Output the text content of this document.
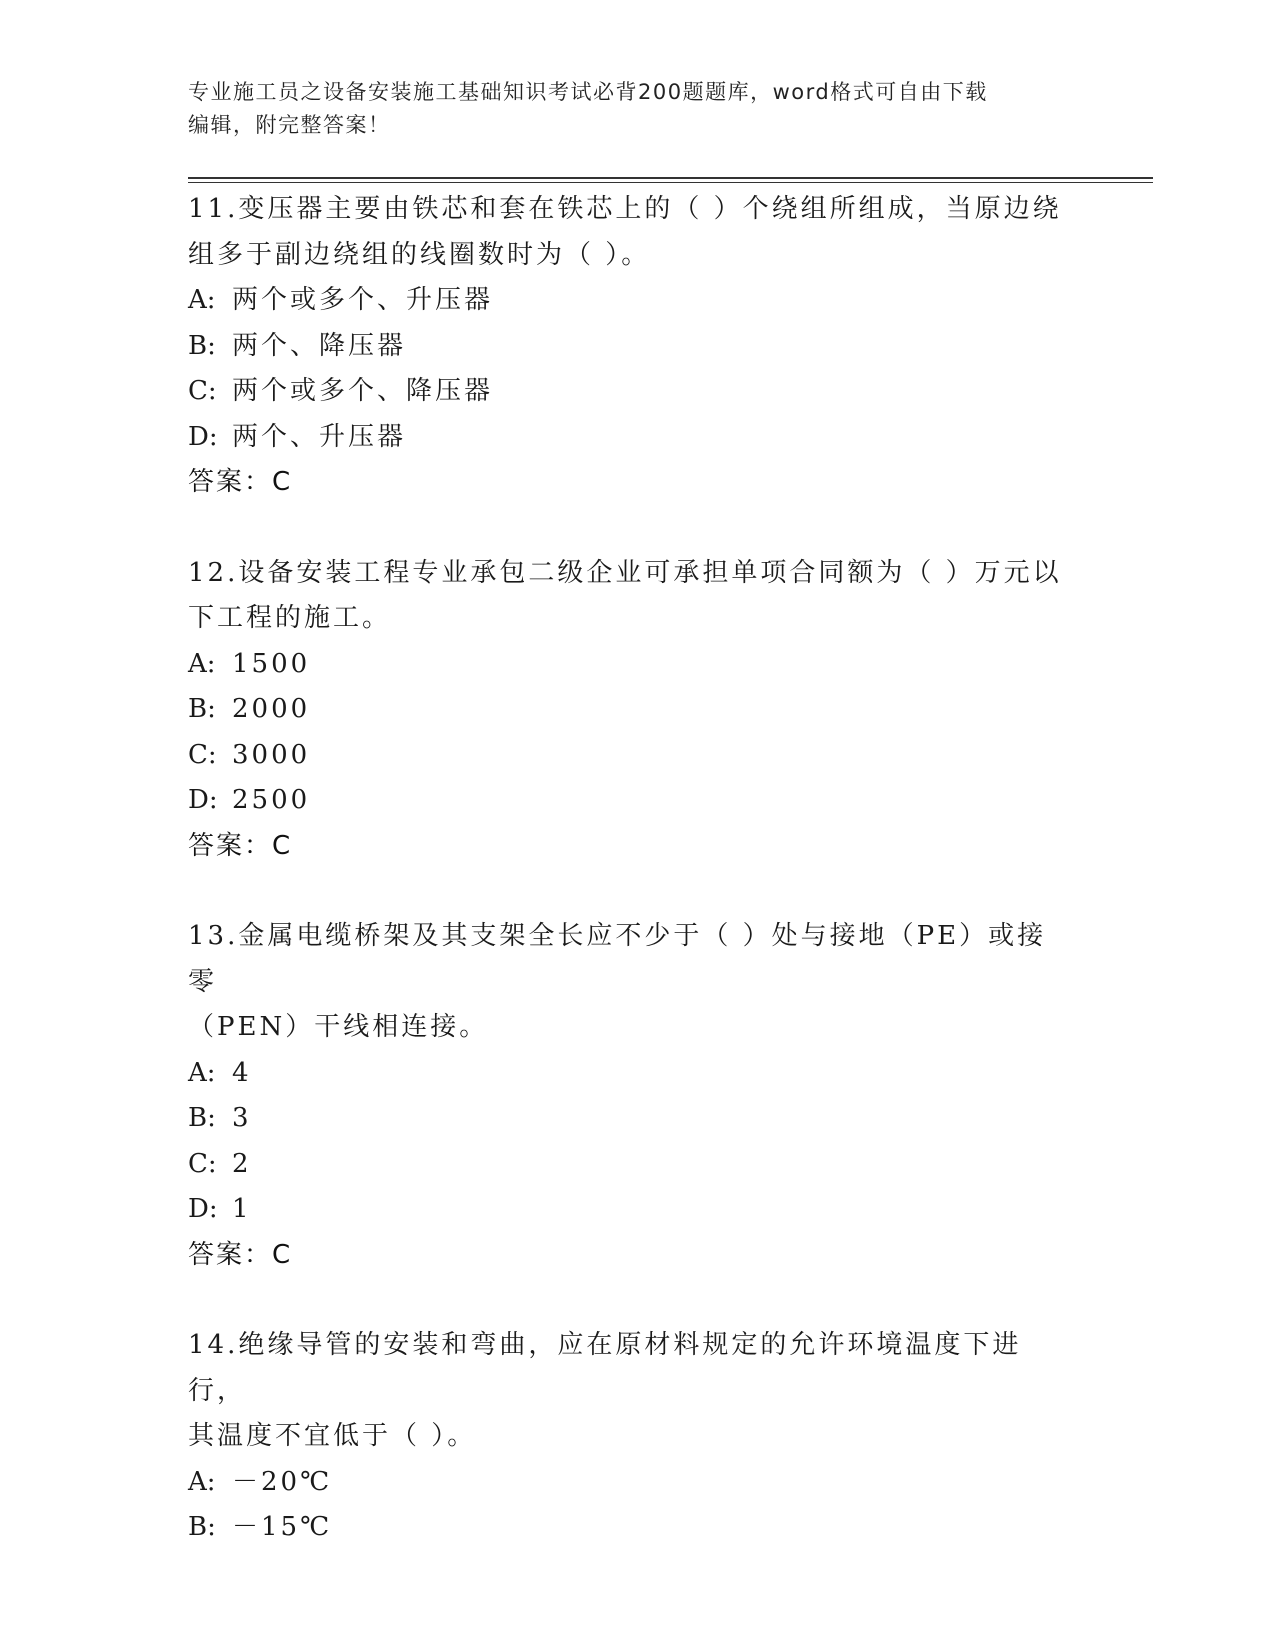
专业施工员之设备安装施工基础知识考试必背200题题库，word格式可自由下载
编辑，附完整答案！
11.变压器主要由铁芯和套在铁芯上的（ ）个绕组所组成，当原边绕
组多于副边绕组的线圈数时为（ ）。
A: 两个或多个、升压器
B: 两个、降压器
C: 两个或多个、降压器
D: 两个、升压器
答案：C
12.设备安装工程专业承包二级企业可承担单项合同额为（ ）万元以
下工程的施工。
A: 1500
B: 2000
C: 3000
D: 2500
答案：C
13.金属电缆桥架及其支架全长应不少于（ ）处与接地（PE）或接零
（PEN）干线相连接。
A: 4
B: 3
C: 2
D: 1
答案：C
14.绝缘导管的安装和弯曲，应在原材料规定的允许环境温度下进行，
其温度不宜低于（ ）。
A: －20℃
B: －15℃
